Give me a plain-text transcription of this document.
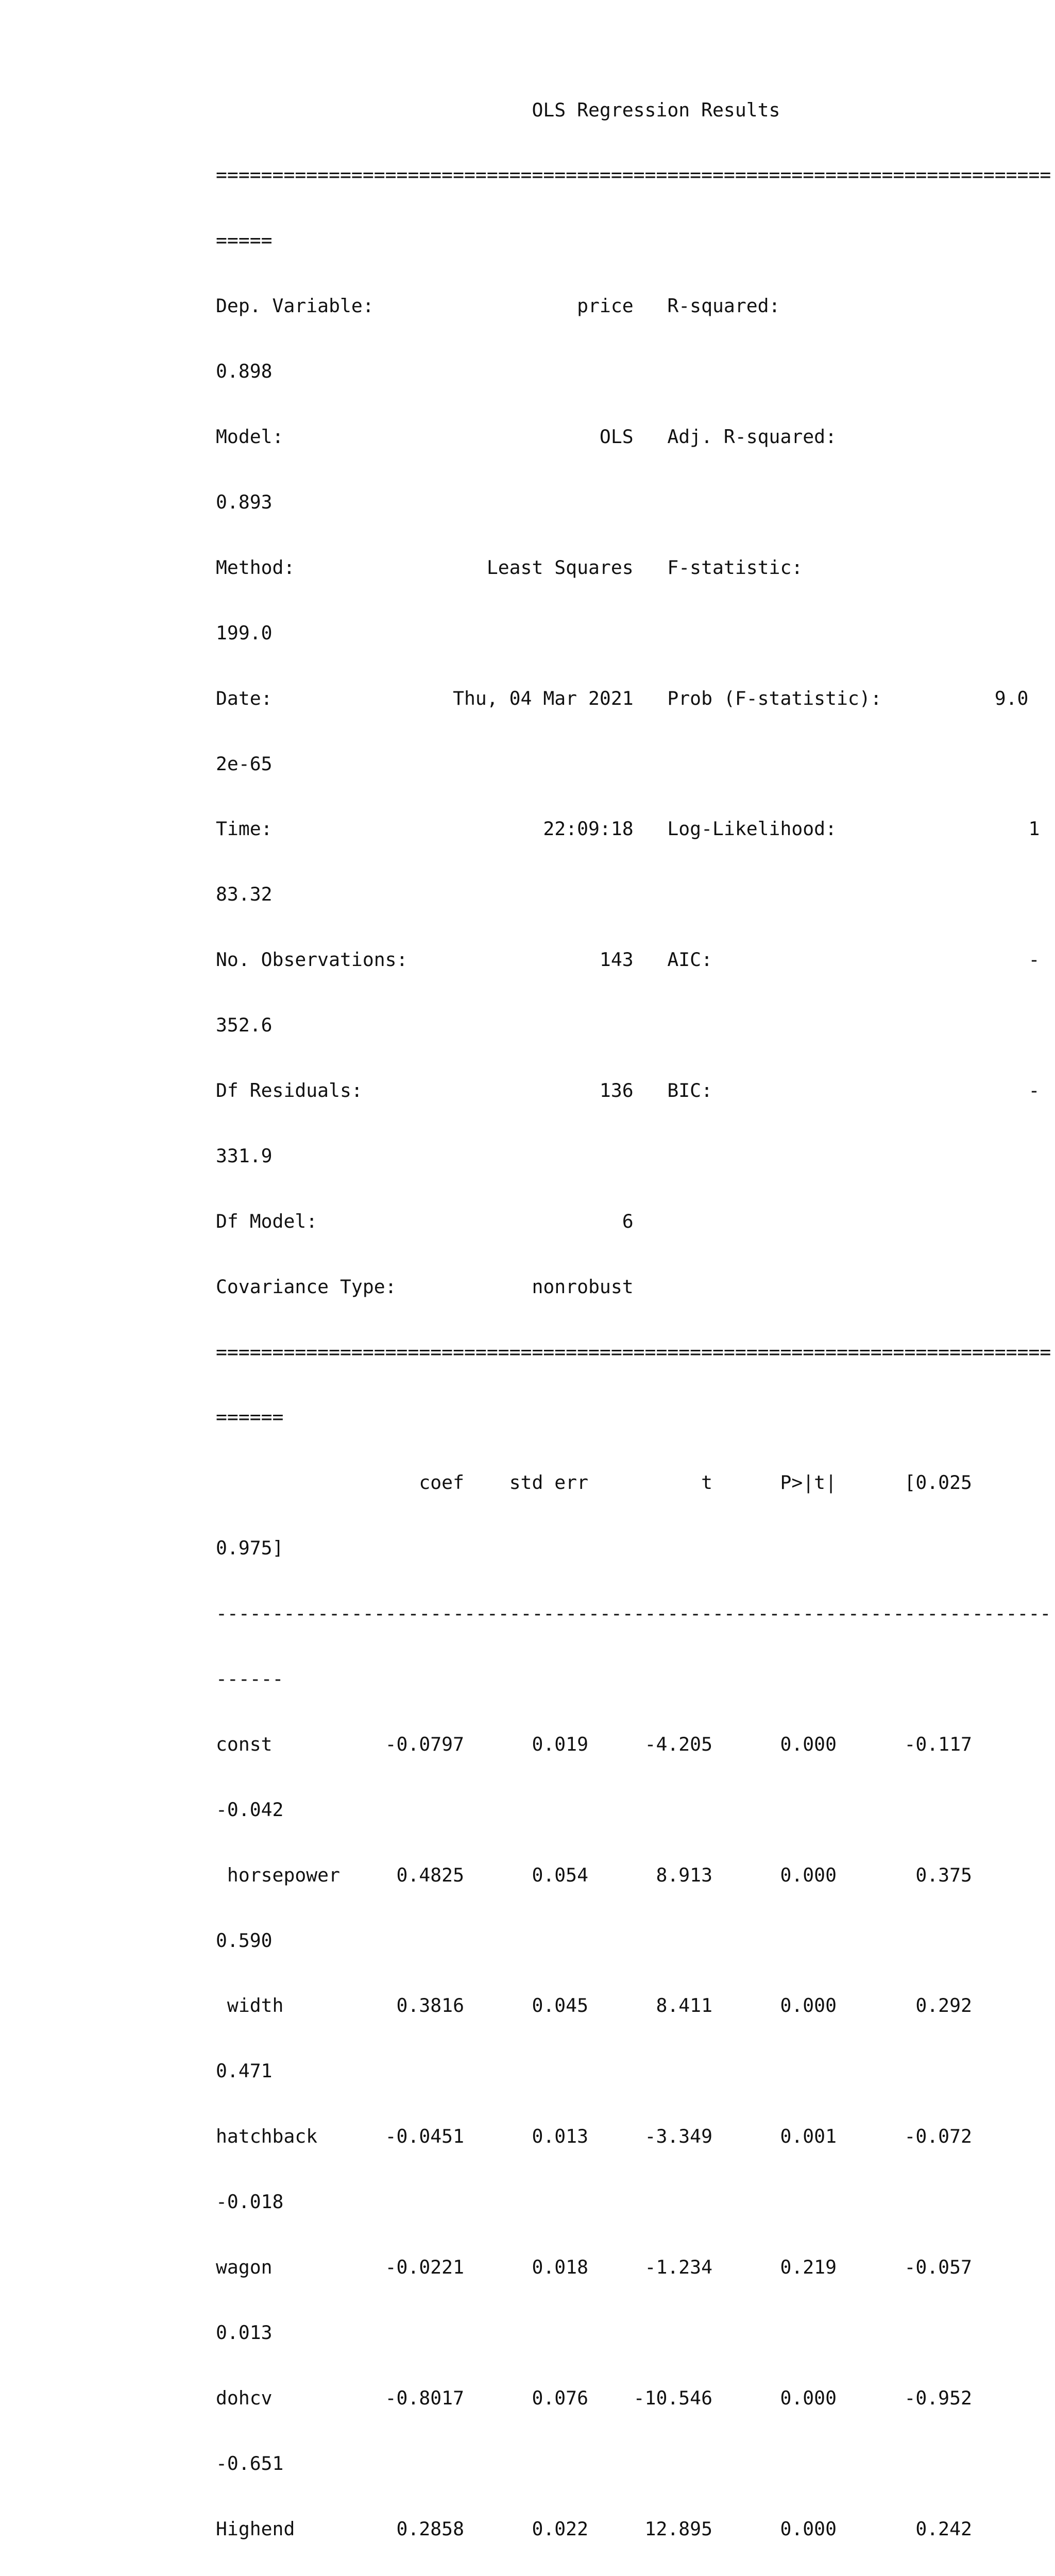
OLS Regression Results

==========================================================================

=====

Dep. Variable:                  price   R-squared:

0.898

Model:                            OLS   Adj. R-squared:

0.893

Method:                 Least Squares   F-statistic:

199.0

Date:                Thu, 04 Mar 2021   Prob (F-statistic):          9.0

2e-65

Time:                        22:09:18   Log-Likelihood:                 1

83.32

No. Observations:                 143   AIC:                            -

352.6

Df Residuals:                     136   BIC:                            -

331.9

Df Model:                           6

Covariance Type:            nonrobust

==========================================================================

======

coef    std err          t      P>|t|      [0.025

0.975]

--------------------------------------------------------------------------

------

const          -0.0797      0.019     -4.205      0.000      -0.117

-0.042

horsepower     0.4825      0.054      8.913      0.000       0.375

0.590

width          0.3816      0.045      8.411      0.000       0.292

0.471

hatchback      -0.0451      0.013     -3.349      0.001      -0.072

-0.018

wagon          -0.0221      0.018     -1.234      0.219      -0.057

0.013

dohcv          -0.8017      0.076    -10.546      0.000      -0.952

-0.651

Highend         0.2858      0.022     12.895      0.000       0.242
